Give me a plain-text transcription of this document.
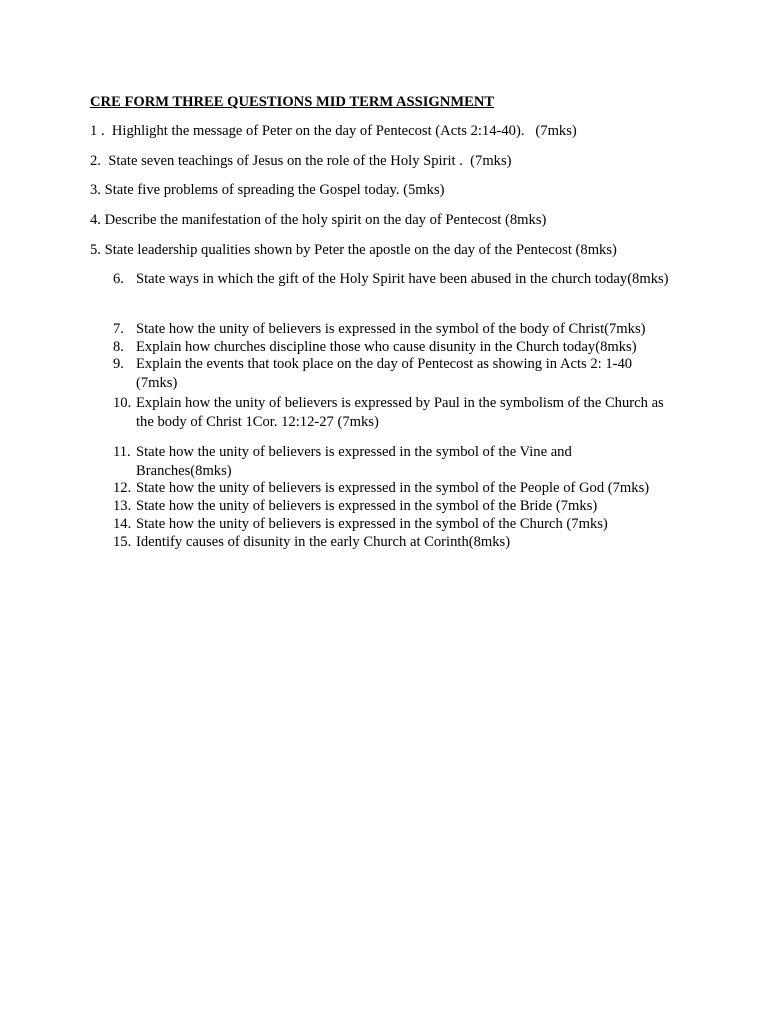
CRE FORM THREE QUESTIONS MID TERM ASSIGNMENT
1 .  Highlight the message of Peter on the day of Pentecost (Acts 2:14-40).   (7mks)
2.  State seven teachings of Jesus on the role of the Holy Spirit .  (7mks)
3. State five problems of spreading the Gospel today. (5mks)
4. Describe the manifestation of the holy spirit on the day of Pentecost (8mks)
5. State leadership qualities shown by Peter the apostle on the day of the Pentecost (8mks)
6. State ways in which the gift of the Holy Spirit have been abused in the church today(8mks)
7. State how the unity of believers is expressed in the symbol of the body of Christ(7mks)
8. Explain how churches discipline those who cause disunity in the Church today(8mks)
9. Explain the events that took place on the day of Pentecost as showing in Acts 2: 1-40 (7mks)
10. Explain how the unity of believers is expressed by Paul in the symbolism of the Church as the body of Christ 1Cor. 12:12-27 (7mks)
11. State how the unity of believers is expressed in the symbol of the Vine and Branches(8mks)
12. State how the unity of believers is expressed in the symbol of the People of God (7mks)
13. State how the unity of believers is expressed in the symbol of the Bride (7mks)
14. State how the unity of believers is expressed in the symbol of the Church (7mks)
15. Identify causes of disunity in the early Church at Corinth(8mks)
